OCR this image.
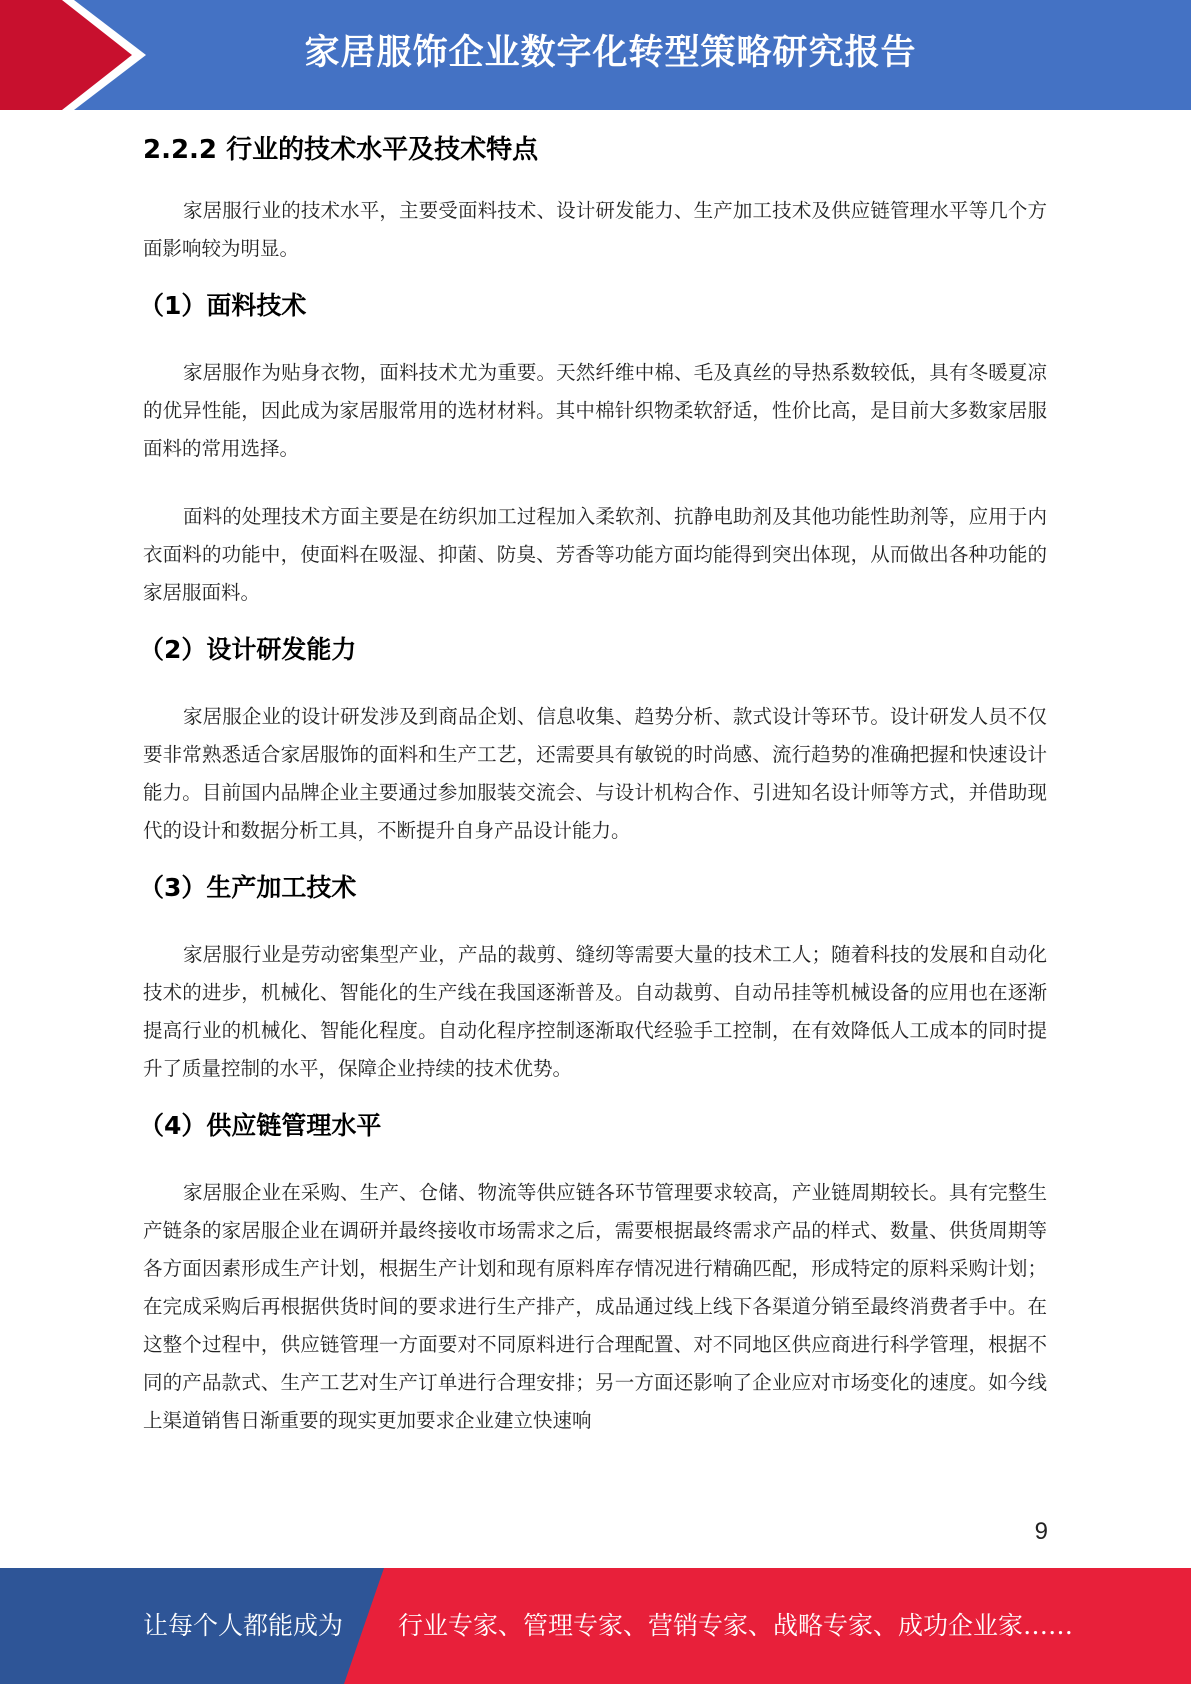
家居服饰企业数字化转型策略研究报告
2.2.2 行业的技术水平及技术特点

家居服行业的技术水平，主要受面料技术、设计研发能力、生产加工技术及供应链管理水平等几个方面影响较为明显。

（1）面料技术

家居服作为贴身衣物，面料技术尤为重要。天然纤维中棉、毛及真丝的导热系数较低，具有冬暖夏凉的优异性能，因此成为家居服常用的选材材料。其中棉针织物柔软舒适，性价比高，是目前大多数家居服面料的常用选择。

面料的处理技术方面主要是在纺织加工过程加入柔软剂、抗静电助剂及其他功能性助剂等，应用于内衣面料的功能中，使面料在吸湿、抑菌、防臭、芳香等功能方面均能得到突出体现，从而做出各种功能的家居服面料。

（2）设计研发能力

家居服企业的设计研发涉及到商品企划、信息收集、趋势分析、款式设计等环节。设计研发人员不仅要非常熟悉适合家居服饰的面料和生产工艺，还需要具有敏锐的时尚感、流行趋势的准确把握和快速设计能力。目前国内品牌企业主要通过参加服装交流会、与设计机构合作、引进知名设计师等方式，并借助现代的设计和数据分析工具，不断提升自身产品设计能力。

（3）生产加工技术

家居服行业是劳动密集型产业，产品的裁剪、缝纫等需要大量的技术工人；随着科技的发展和自动化技术的进步，机械化、智能化的生产线在我国逐渐普及。自动裁剪、自动吊挂等机械设备的应用也在逐渐提高行业的机械化、智能化程度。自动化程序控制逐渐取代经验手工控制，在有效降低人工成本的同时提升了质量控制的水平，保障企业持续的技术优势。

（4）供应链管理水平

家居服企业在采购、生产、仓储、物流等供应链各环节管理要求较高，产业链周期较长。具有完整生产链条的家居服企业在调研并最终接收市场需求之后，需要根据最终需求产品的样式、数量、供货周期等各方面因素形成生产计划，根据生产计划和现有原料库存情况进行精确匹配，形成特定的原料采购计划；在完成采购后再根据供货时间的要求进行生产排产，成品通过线上线下各渠道分销至最终消费者手中。在这整个过程中，供应链管理一方面要对不同原料进行合理配置、对不同地区供应商进行科学管理，根据不同的产品款式、生产工艺对生产订单进行合理安排；另一方面还影响了企业应对市场变化的速度。如今线上渠道销售日渐重要的现实更加要求企业建立快速响

9
让每个人都能成为 行业专家、管理专家、营销专家、战略专家、成功企业家……
